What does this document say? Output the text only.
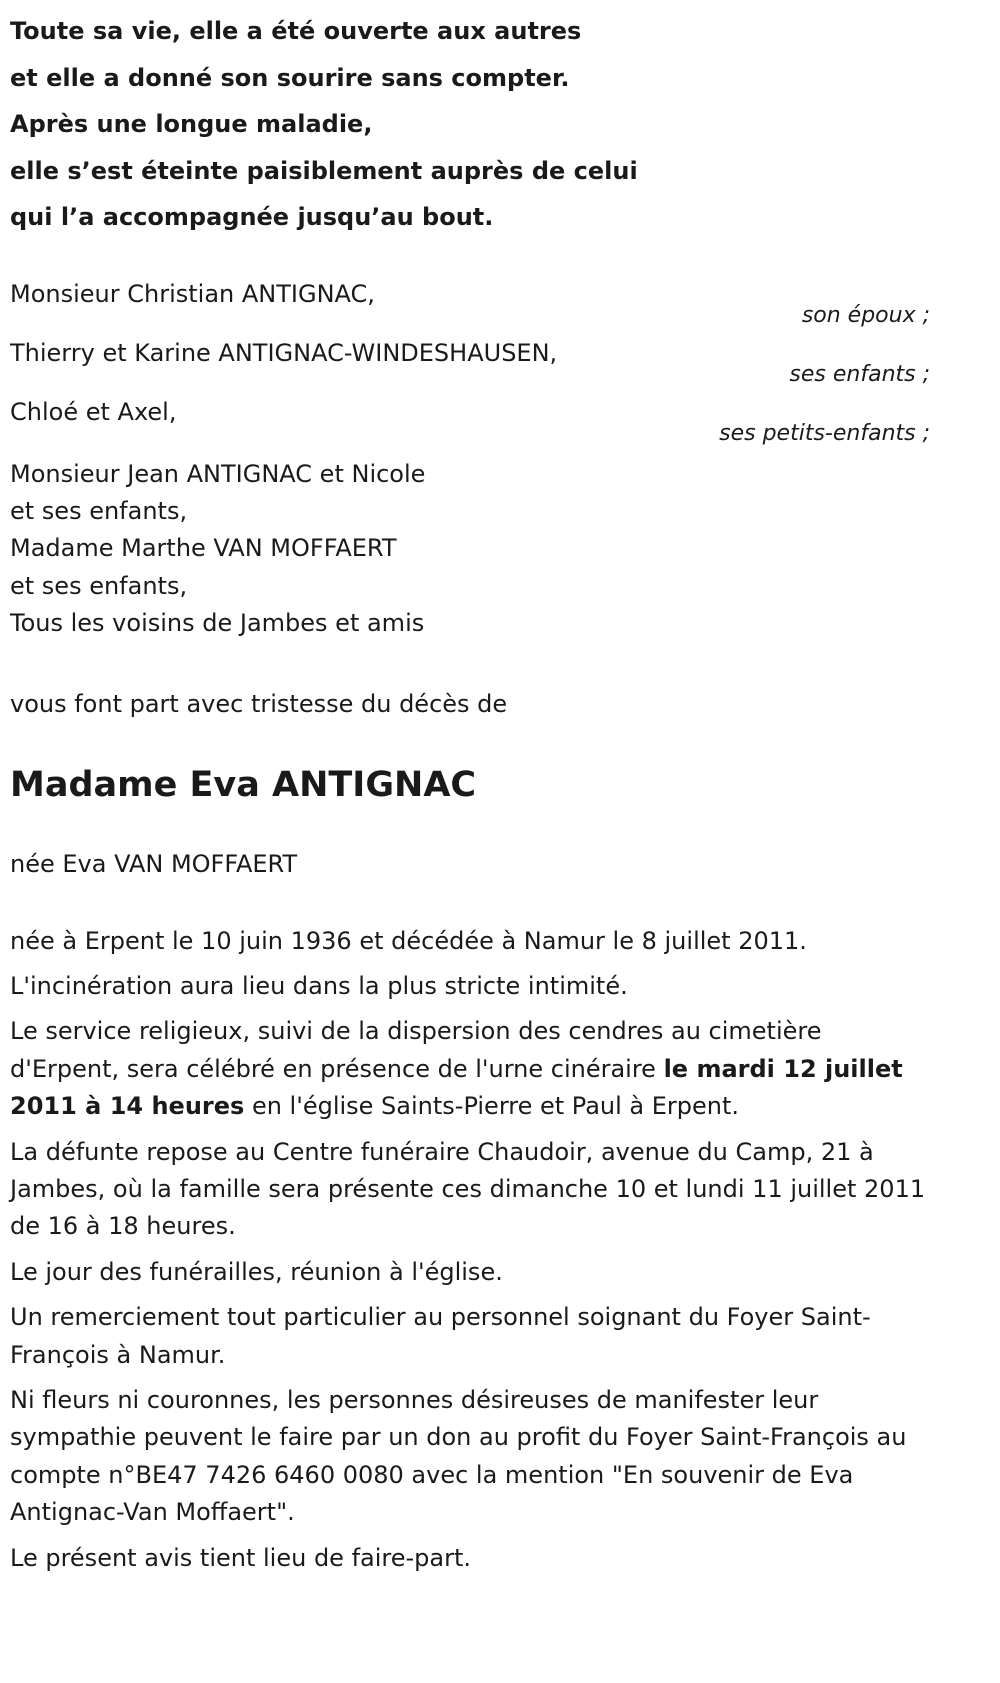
Toute sa vie, elle a été ouverte aux autres
et elle a donné son sourire sans compter.
Après une longue maladie,
elle s’est éteinte paisiblement auprès de celui
qui l’a accompagnée jusqu’au bout.
Monsieur Christian ANTIGNAC,
son époux ;
Thierry et Karine ANTIGNAC-WINDESHAUSEN,
ses enfants ;
Chloé et Axel,
ses petits-enfants ;
Monsieur Jean ANTIGNAC et Nicole
et ses enfants,
Madame Marthe VAN MOFFAERT
et ses enfants,
Tous les voisins de Jambes et amis
vous font part avec tristesse du décès de
Madame Eva ANTIGNAC
née Eva VAN MOFFAERT

née à Erpent le 10 juin 1936 et décédée à Namur le 8 juillet 2011.

L'incinération aura lieu dans la plus stricte intimité.

Le service religieux, suivi de la dispersion des cendres au cimetière d'Erpent, sera célébré en présence de l'urne cinéraire le mardi 12 juillet 2011 à 14 heures en l'église Saints-Pierre et Paul à Erpent.

La défunte repose au Centre funéraire Chaudoir, avenue du Camp, 21 à Jambes, où la famille sera présente ces dimanche 10 et lundi 11 juillet 2011 de 16 à 18 heures.

Le jour des funérailles, réunion à l'église.

Un remerciement tout particulier au personnel soignant du Foyer Saint-François à Namur.

Ni fleurs ni couronnes, les personnes désireuses de manifester leur sympathie peuvent le faire par un don au profit du Foyer Saint-François au compte n°BE47 7426 6460 0080 avec la mention "En souvenir de Eva Antignac-Van Moffaert".

Le présent avis tient lieu de faire-part.
